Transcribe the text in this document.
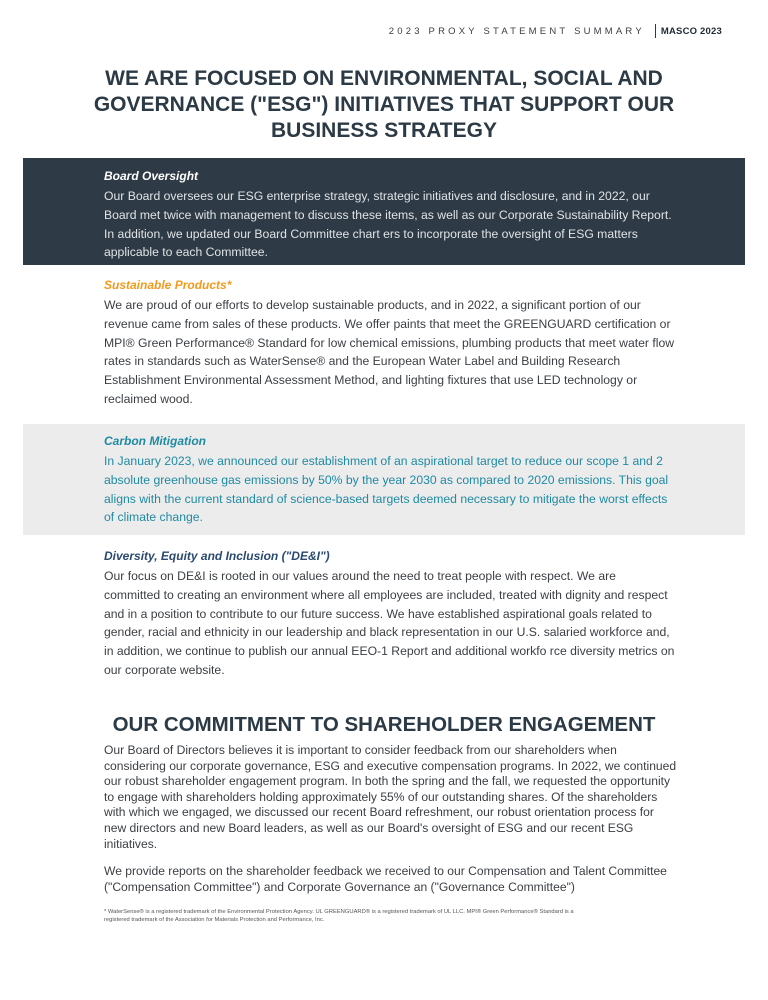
2023 PROXY STATEMENT SUMMARY MASCO 2023
WE ARE FOCUSED ON ENVIRONMENTAL, SOCIAL AND GOVERNANCE ("ESG") INITIATIVES THAT SUPPORT OUR BUSINESS STRATEGY

Board Oversight

Our Board oversees our ESG enterprise strategy, strategic initiatives and disclosure, and in 2022, our Board met twice with management to discuss these items, as well as our Corporate Sustainability Report. In addition, we updated our Board Committee chart ers to incorporate the oversight of ESG matters applicable to each Committee.

Sustainable Products*

We are proud of our efforts to develop sustainable products, and in 2022, a significant portion of our revenue came from sales of these products. We offer paints that meet the GREENGUARD certification or MPI® Green Performance® Standard for low chemical emissions, plumbing products that meet water flow rates in standards such as WaterSense® and the European Water Label and Building Research Establishment Environmental Assessment Method, and lighting fixtures that use LED technology or reclaimed wood.

Carbon Mitigation

In January 2023, we announced our establishment of an aspirational target to reduce our scope 1 and 2 absolute greenhouse gas emissions by 50% by the year 2030 as compared to 2020 emissions. This goal aligns with the current standard of science-based targets deemed necessary to mitigate the worst effects of climate change.

Diversity, Equity and Inclusion ("DE&I")

Our focus on DE&I is rooted in our values around the need to treat people with respect. We are committed to creating an environment where all employees are included, treated with dignity and respect and in a position to contribute to our future success. We have established aspirational goals related to gender, racial and ethnicity in our leadership and black representation in our U.S. salaried workforce and, in addition, we continue to publish our annual EEO-1 Report and additional workfo rce diversity metrics on our corporate website.

OUR COMMITMENT TO SHAREHOLDER ENGAGEMENT

Our Board of Directors believes it is important to consider feedback from our shareholders when considering our corporate governance, ESG and executive compensation programs. In 2022, we continued our robust shareholder engagement program. In both the spring and the fall, we requested the opportunity to engage with shareholders holding approximately 55% of our outstanding shares. Of the shareholders with which we engaged, we discussed our recent Board refreshment, our robust orientation process for new directors and new Board leaders, as well as our Board's oversight of ESG and our recent ESG initiatives.

We provide reports on the shareholder feedback we received to our Compensation and Talent Committee ("Compensation Committee") and Corporate Governance an ("Governance Committee")

* WaterSense® is a registered trademark of the Environmental Protection Agency. UL GREENGUARD® is a registered trademark of UL LLC. MPI® Green Performance® Standard is a registered trademark of the Association for Materials Protection and Performance, Inc.
